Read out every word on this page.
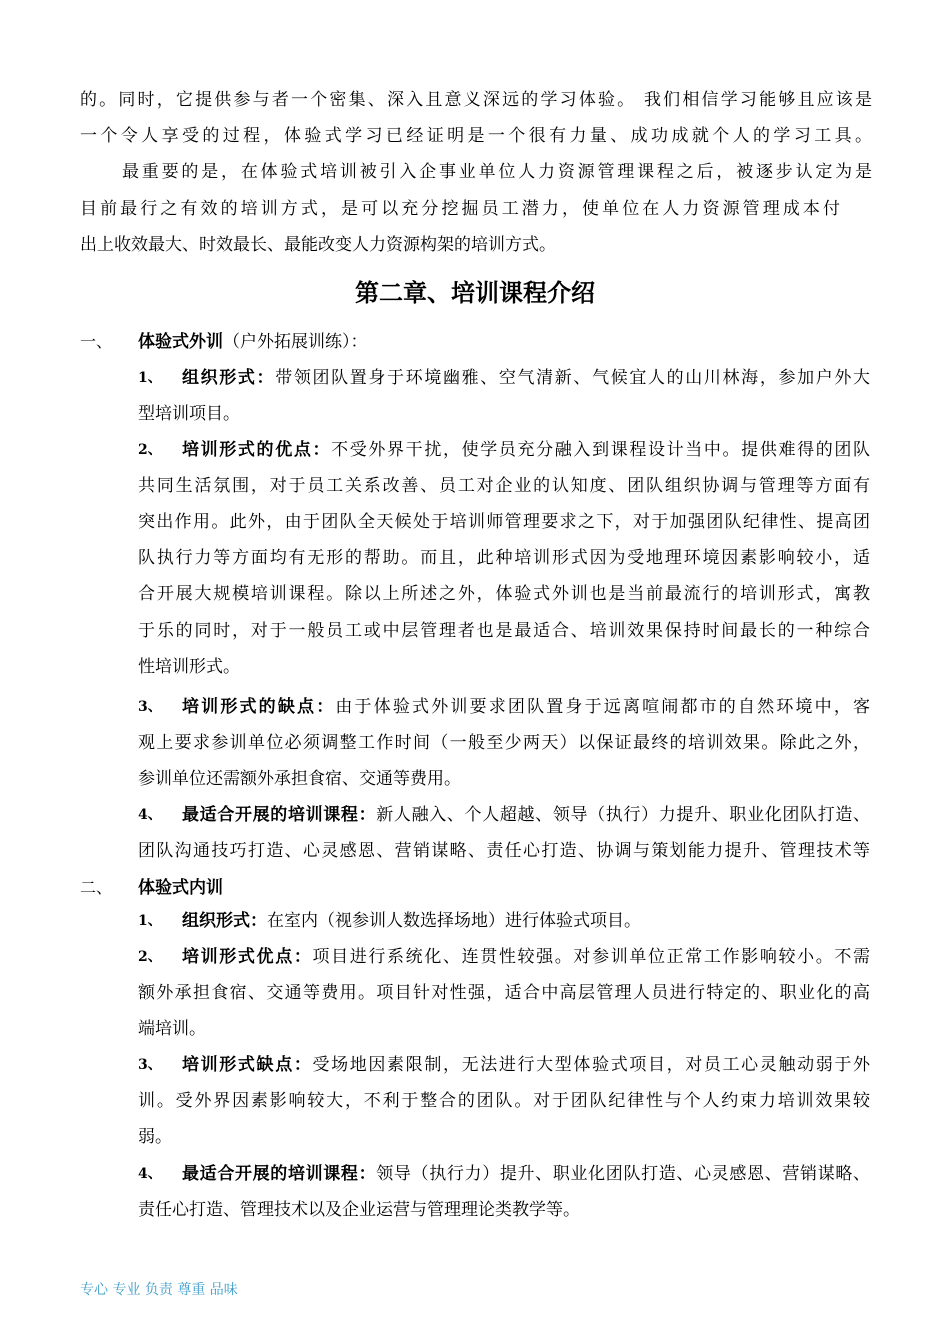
的。同时，它提供参与者一个密集、深入且意义深远的学习体验。 我们相信学习能够且应该是
一个令人享受的过程，体验式学习已经证明是一个很有力量、成功成就个人的学习工具。
最重要的是，在体验式培训被引入企事业单位人力资源管理课程之后，被逐步认定为是
目前最行之有效的培训方式，是可以充分挖掘员工潜力，使单位在人力资源管理成本付
出上收效最大、时效最长、最能改变人力资源构架的培训方式。
第二章、培训课程介绍
一、 体验式外训（户外拓展训练）：
1、 组织形式：带领团队置身于环境幽雅、空气清新、气候宜人的山川林海，参加户外大
型培训项目。
2、 培训形式的优点：不受外界干扰，使学员充分融入到课程设计当中。提供难得的团队
共同生活氛围，对于员工关系改善、员工对企业的认知度、团队组织协调与管理等方面有
突出作用。此外，由于团队全天候处于培训师管理要求之下，对于加强团队纪律性、提高团
队执行力等方面均有无形的帮助。而且，此种培训形式因为受地理环境因素影响较小，适
合开展大规模培训课程。除以上所述之外，体验式外训也是当前最流行的培训形式，寓教
于乐的同时，对于一般员工或中层管理者也是最适合、培训效果保持时间最长的一种综合
性培训形式。
3、 培训形式的缺点：由于体验式外训要求团队置身于远离喧闹都市的自然环境中，客
观上要求参训单位必须调整工作时间（一般至少两天）以保证最终的培训效果。除此之外，
参训单位还需额外承担食宿、交通等费用。
4、 最适合开展的培训课程：新人融入、个人超越、领导（执行）力提升、职业化团队打造、
团队沟通技巧打造、心灵感恩、营销谋略、责任心打造、协调与策划能力提升、管理技术等
二、 体验式内训
1、 组织形式：在室内（视参训人数选择场地）进行体验式项目。
2、 培训形式优点：项目进行系统化、连贯性较强。对参训单位正常工作影响较小。不需
额外承担食宿、交通等费用。项目针对性强，适合中高层管理人员进行特定的、职业化的高
端培训。
3、 培训形式缺点：受场地因素限制，无法进行大型体验式项目，对员工心灵触动弱于外
训。受外界因素影响较大，不利于整合的团队。对于团队纪律性与个人约束力培训效果较
弱。
4、 最适合开展的培训课程：领导（执行力）提升、职业化团队打造、心灵感恩、营销谋略、
责任心打造、管理技术以及企业运营与管理理论类教学等。
专心 专业 负责 尊重 品味
